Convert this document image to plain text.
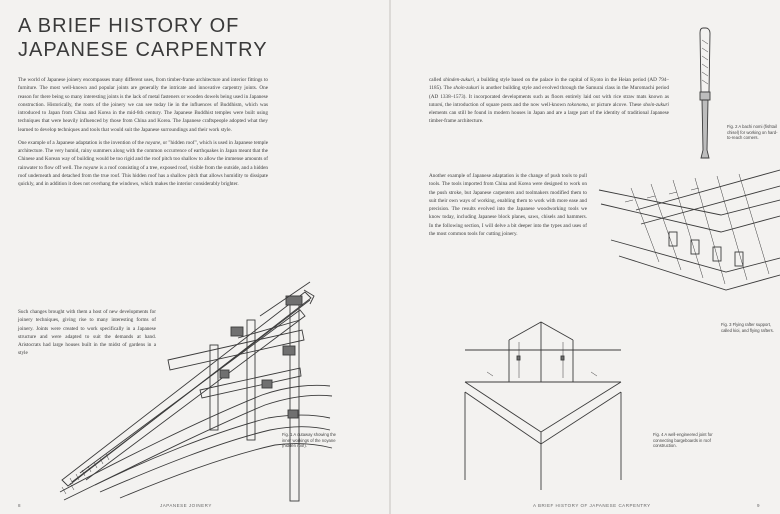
A BRIEF HISTORY OF
JAPANESE CARPENTRY

The world of Japanese joinery encompasses many different uses, from timber-frame architecture and interior fittings to furniture. The most well-known and popular joints are generally the intricate and innovative carpentry joints. One reason for there being so many interesting joints is the lack of metal fasteners or wooden dowels being used in Japanese construction. Historically, the roots of the joinery we can see today lie in the influences of Buddhism, which was introduced to Japan from China and Korea in the mid-6th century. The Japanese Buddhist temples were built using techniques that were heavily influenced by those from China and Korea. The Japanese craftspeople adopted what they learned to develop techniques and tools that would suit the Japanese surroundings and their work style.

One example of a Japanese adaptation is the invention of the noyane, or "hidden roof", which is used in Japanese temple architecture. The very humid, rainy summers along with the common occurrence of earthquakes in Japan meant that the Chinese and Korean way of building would be too rigid and the roof pitch too shallow to allow the immense amounts of rainwater to flow off well. The noyane is a roof consisting of a tree, exposed roof, visible from the outside, and a hidden roof underneath and detached from the true roof. This hidden roof has a shallow pitch that allows humidity to dissipate quickly, and in addition it does not overhang the windows, which makes the interior considerably brighter.

Such changes brought with them a host of new developments for joinery techniques, giving rise to many interesting forms of joinery. Joints were created to work specifically in a Japanese structure and were adapted to suit the demands at hand. Aristocrats had large houses built in the midst of gardens in a style

Fig. 1 A cutaway showing the inner workings of the noyane (hidden roof).
8	JAPANESE JOINERY

called shinden-zukuri, a building style based on the palace in the capital of Kyoto in the Heian period (AD 794–1185). The shoin-zukuri is another building style and evolved through the Samurai class in the Muromachi period (AD 1338–1573). It incorporated developments such as floors entirely laid out with rice straw mats known as tatami, the introduction of square posts and the now well-known tokonoma, or picture alcove. These shoin-zukuri elements can still be found in modern houses in Japan and are a large part of the identity of traditional Japanese timber-frame architecture.

Another example of Japanese adaptation is the change of push tools to pull tools. The tools imported from China and Korea were designed to work on the push stroke, but Japanese carpenters and toolmakers modified them to suit their own ways of working, enabling them to work with more ease and precision. The results evolved into the Japanese woodworking tools we know today, including Japanese block planes, saws, chisels and hammers. In the following section, I will delve a bit deeper into the types and uses of the most common tools for cutting joinery.

Fig. 2 A bachi nomi (fishtail chisel) for working on hard-to-reach corners.
Fig. 3 Flying rafter support, called kioi, and flying rafters.
Fig. 4 A well-engineered joint for connecting bargeboards in roof construction.
A BRIEF HISTORY OF JAPANESE CARPENTRY	9
